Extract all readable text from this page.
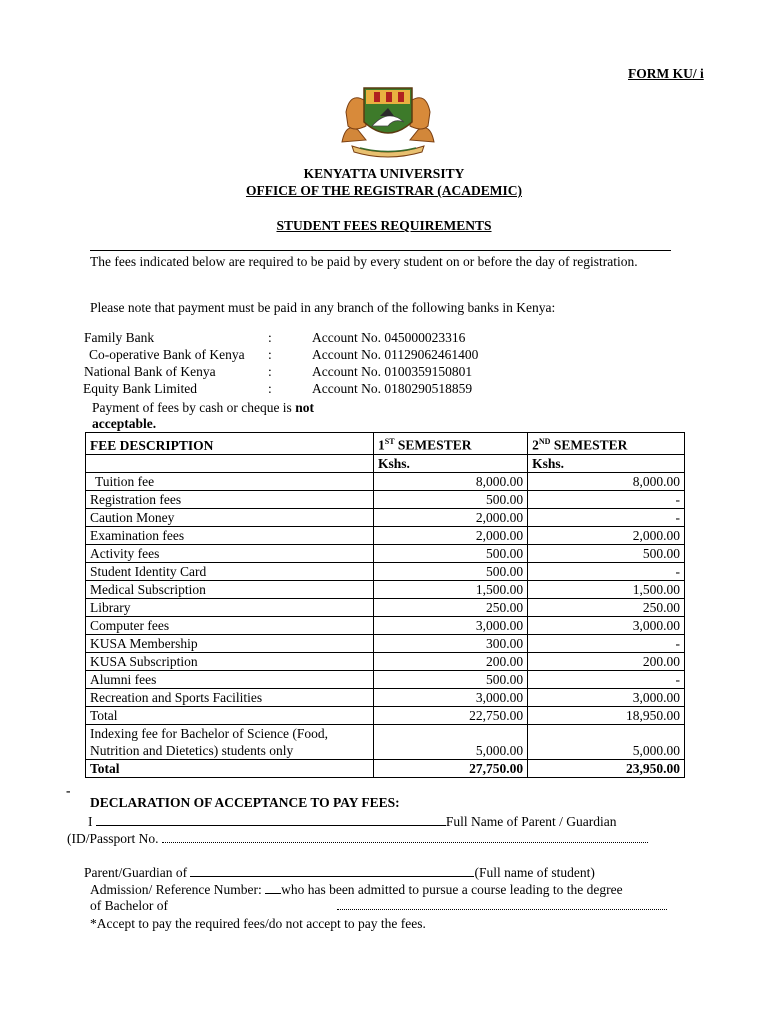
FORM KU/ i
KENYATTA UNIVERSITY
OFFICE OF THE REGISTRAR (ACADEMIC)
STUDENT FEES REQUIREMENTS
The fees indicated below are required to be paid by every student on or before the day of registration.
Please note that payment must be paid in any branch of the following banks in Kenya:
Family Bank	:	Account No. 045000023316
Co-operative Bank of Kenya :	Account No. 01129062461400
National Bank of Kenya	:	Account No. 0100359150801
Equity Bank Limited	:	Account No. 0180290518859
Payment of fees by cash or cheque is not acceptable.
FEE DESCRIPTION	1ST SEMESTER	2ND SEMESTER
	Kshs.	Kshs.
Tuition fee	8,000.00	8,000.00
Registration fees	500.00	-
Caution Money	2,000.00	-
Examination fees	2,000.00	2,000.00
Activity fees	500.00	500.00
Student Identity Card	500.00	-
Medical Subscription	1,500.00	1,500.00
Library	250.00	250.00
Computer fees	3,000.00	3,000.00
KUSA Membership	300.00	-
KUSA Subscription	200.00	200.00
Alumni fees	500.00	-
Recreation and Sports Facilities	3,000.00	3,000.00
Total	22,750.00	18,950.00
Indexing fee for Bachelor of Science (Food, Nutrition and Dietetics) students only	5,000.00	5,000.00
Total	27,750.00	23,950.00
-
DECLARATION OF ACCEPTANCE TO PAY FEES:
I	Full Name of Parent / Guardian
(ID/Passport No.
Parent/Guardian of	(Full name of student)
Admission/ Reference Number: who has been admitted to pursue a course leading to the degree
of Bachelor of
*Accept to pay the required fees/do not accept to pay the fees.
